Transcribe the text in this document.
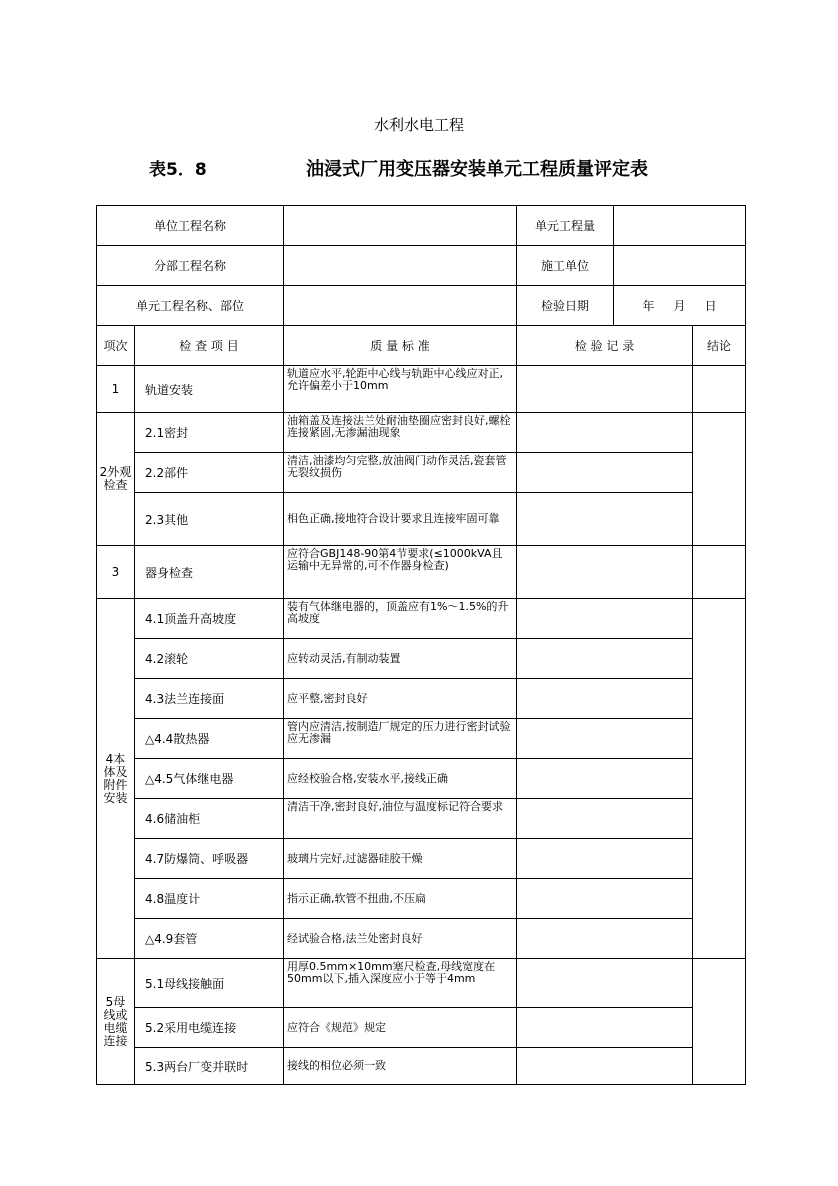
水利水电工程
表5．8	油浸式厂用变压器安装单元工程质量评定表
单位工程名称			单元工程量		
分部工程名称			施工单位		
单元工程名称、部位			检验日期	年 月 日	
项次	检 查 项 目	质 量 标 准	检 验 记 录		结论
1	轨道安装	轨道应水平,轮距中心线与轨距中心线应对正,允许偏差小于10mm			

2外观
检查	2.1密封	油箱盖及连接法兰处耐油垫圈应密封良好,螺栓连接紧固,无渗漏油现象			
	2.2部件	清洁,油漆均匀完整,放油阀门动作灵活,瓷套管无裂纹损伤			
	2.3其他	相色正确,接地符合设计要求且连接牢固可靠			
3	器身检查	应符合GBJ148-90第4节要求(≤1000kVA且运输中无异常的,可不作器身检查)			

4本
体及
附件
安装	4.1顶盖升高坡度	装有气体继电器的，顶盖应有1%～1.5%的升高坡度			
	4.2滚轮	应转动灵活,有制动装置			
	4.3法兰连接面	应平整,密封良好			
	△4.4散热器	管内应清洁,按制造厂规定的压力进行密封试验应无渗漏			
	△4.5气体继电器	应经校验合格,安装水平,接线正确			
	4.6储油柜	清洁干净,密封良好,油位与温度标记符合要求			
	4.7防爆筒、呼吸器	玻璃片完好,过滤器硅胶干燥			
	4.8温度计	指示正确,软管不扭曲,不压扁			
	△4.9套管	经试验合格,法兰处密封良好			

5母
线或
电缆
连接	5.1母线接触面	用厚0.5mm×10mm塞尺检查,母线宽度在50mm以下,插入深度应小于等于4mm			
	5.2采用电缆连接	应符合《规范》规定			
	5.3两台厂变并联时	接线的相位必须一致			
